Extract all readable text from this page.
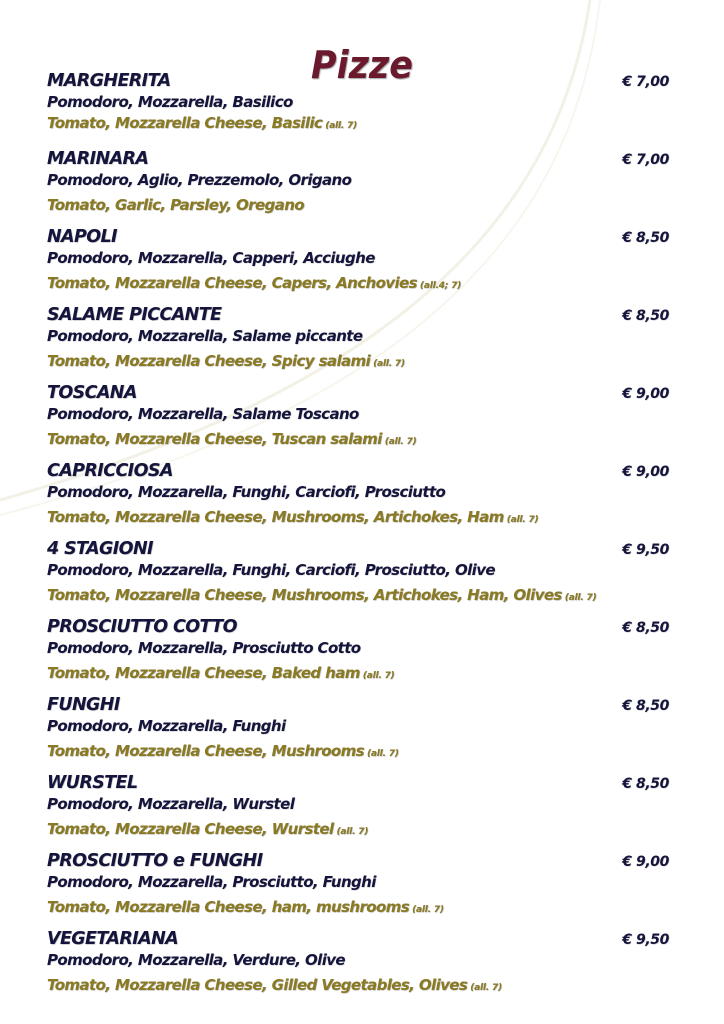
Pizze
MARGHERITA	€ 7,00
Pomodoro, Mozzarella, Basilico
Tomato, Mozzarella Cheese, Basilic (all. 7)
MARINARA	€ 7,00
Pomodoro, Aglio, Prezzemolo, Origano
Tomato, Garlic, Parsley, Oregano
NAPOLI	€ 8,50
Pomodoro, Mozzarella, Capperi, Acciughe
Tomato, Mozzarella Cheese, Capers, Anchovies (all.4; 7)
SALAME PICCANTE	€ 8,50
Pomodoro, Mozzarella, Salame piccante
Tomato, Mozzarella Cheese, Spicy salami (all. 7)
TOSCANA	€ 9,00
Pomodoro, Mozzarella, Salame Toscano
Tomato, Mozzarella Cheese, Tuscan salami (all. 7)
CAPRICCIOSA	€ 9,00
Pomodoro, Mozzarella, Funghi, Carciofi, Prosciutto
Tomato, Mozzarella Cheese, Mushrooms, Artichokes, Ham (all. 7)
4 STAGIONI	€ 9,50
Pomodoro, Mozzarella, Funghi, Carciofi, Prosciutto, Olive
Tomato, Mozzarella Cheese, Mushrooms, Artichokes, Ham, Olives (all. 7)
PROSCIUTTO COTTO	€ 8,50
Pomodoro, Mozzarella, Prosciutto Cotto
Tomato, Mozzarella Cheese, Baked ham (all. 7)
FUNGHI	€ 8,50
Pomodoro, Mozzarella, Funghi
Tomato, Mozzarella Cheese, Mushrooms (all. 7)
WURSTEL	€ 8,50
Pomodoro, Mozzarella, Wurstel
Tomato, Mozzarella Cheese, Wurstel (all. 7)
PROSCIUTTO e FUNGHI	€ 9,00
Pomodoro, Mozzarella, Prosciutto, Funghi
Tomato, Mozzarella Cheese, ham, mushrooms (all. 7)
VEGETARIANA	€ 9,50
Pomodoro, Mozzarella, Verdure, Olive
Tomato, Mozzarella Cheese, Gilled Vegetables, Olives (all. 7)
